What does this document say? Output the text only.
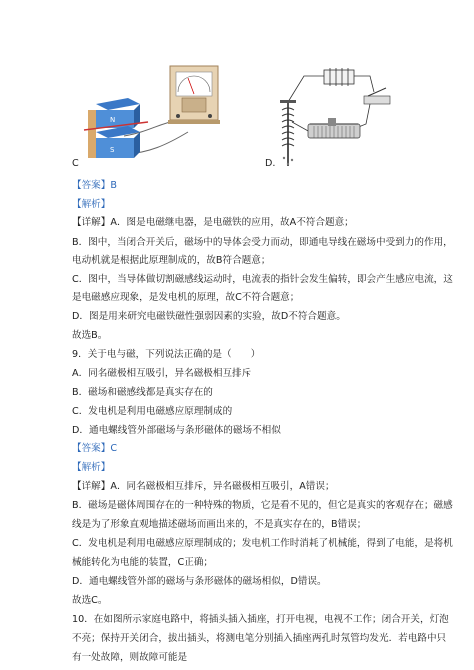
N
S
C	D.
【答案】B
【解析】
【详解】A．图是电磁继电器，是电磁铁的应用，故A不符合题意；
B．图中，当闭合开关后，磁场中的导体会受力而动，即通电导线在磁场中受到力的作用，
电动机就是根据此原理制成的，故B符合题意；
C．图中，当导体做切割磁感线运动时，电流表的指针会发生偏转，即会产生感应电流，这
是电磁感应现象，是发电机的原理，故C不符合题意；
D．图是用来研究电磁铁磁性强弱因素的实验，故D不符合题意。
故选B。
9．关于电与磁，下列说法正确的是（　　）
A．同名磁极相互吸引，异名磁极相互排斥
B．磁场和磁感线都是真实存在的
C．发电机是利用电磁感应原理制成的
D．通电螺线管外部磁场与条形磁体的磁场不相似
【答案】C
【解析】
【详解】A．同名磁极相互排斥，异名磁极相互吸引，A错误；
B．磁场是磁体周围存在的一种特殊的物质，它是看不见的，但它是真实的客观存在；磁感
线是为了形象直观地描述磁场而画出来的，不是真实存在的，B错误；
C．发电机是利用电磁感应原理制成的；发电机工作时消耗了机械能，得到了电能，是将机
械能转化为电能的装置，C正确；
D．通电螺线管外部的磁场与条形磁体的磁场相似，D错误。
故选C。
10．在如图所示家庭电路中，将插头插入插座，打开电视，电视不工作；闭合开关，灯泡
不亮；保持开关闭合，拔出插头，将测电笔分别插入插座两孔时氖管均发光．若电路中只
有一处故障，则故障可能是
